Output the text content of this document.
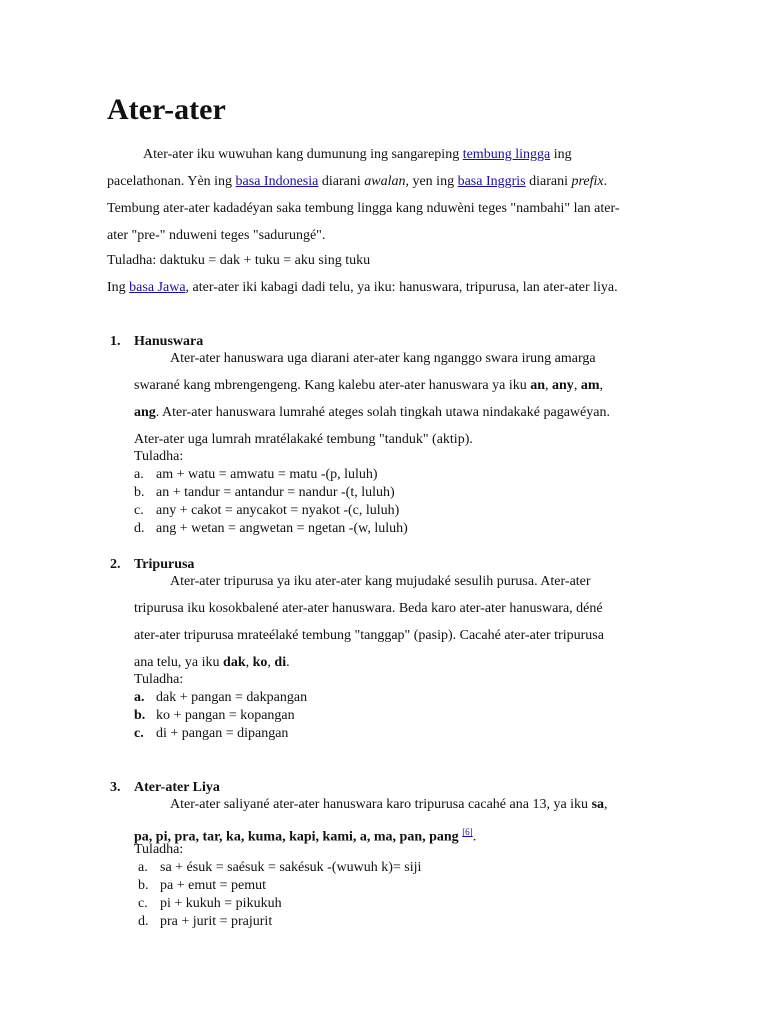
Ater-ater
Ater-ater iku wuwuhan kang dumunung ing sangareping tembung lingga ing
pacelathonan. Yèn ing basa Indonesia diarani awalan, yen ing basa Inggris diarani prefix.
Tembung ater-ater kadadéyan saka tembung lingga kang nduwèni teges "nambahi" lan ater-
ater "pre-" nduweni teges "sadurungé".
Tuladha: daktuku = dak + tuku = aku sing tuku
Ing basa Jawa, ater-ater iki kabagi dadi telu, ya iku: hanuswara, tripurusa, lan ater-ater liya.
1. Hanuswara
Ater-ater hanuswara uga diarani ater-ater kang nganggo swara irung amarga
swarané kang mbrengengeng. Kang kalebu ater-ater hanuswara ya iku an, any, am,
ang. Ater-ater hanuswara lumrahé ateges solah tingkah utawa nindakaké pagawéyan.
Ater-ater uga lumrah mratélakaké tembung "tanduk" (aktip).
Tuladha:
a. am + watu = amwatu = matu -(p, luluh)
b. an + tandur = antandur = nandur -(t, luluh)
c. any + cakot = anycakot = nyakot -(c, luluh)
d. ang + wetan = angwetan = ngetan -(w, luluh)
2. Tripurusa
Ater-ater tripurusa ya iku ater-ater kang mujudaké sesulih purusa. Ater-ater
tripurusa iku kosokbalené ater-ater hanuswara. Beda karo ater-ater hanuswara, déné
ater-ater tripurusa mrateélaké tembung "tanggap" (pasip). Cacahé ater-ater tripurusa
ana telu, ya iku dak, ko, di.
Tuladha:
a. dak + pangan = dakpangan
b. ko + pangan = kopangan
c. di + pangan = dipangan
3. Ater-ater Liya
Ater-ater saliyané ater-ater hanuswara karo tripurusa cacahé ana 13, ya iku sa,
pa, pi, pra, tar, ka, kuma, kapi, kami, a, ma, pan, pang [6].
Tuladha:
a. sa + ésuk = saésuk = sakésuk -(wuwuh k)= siji
b. pa + emut = pemut
c. pi + kukuh = pikukuh
d. pra + jurit = prajurit
